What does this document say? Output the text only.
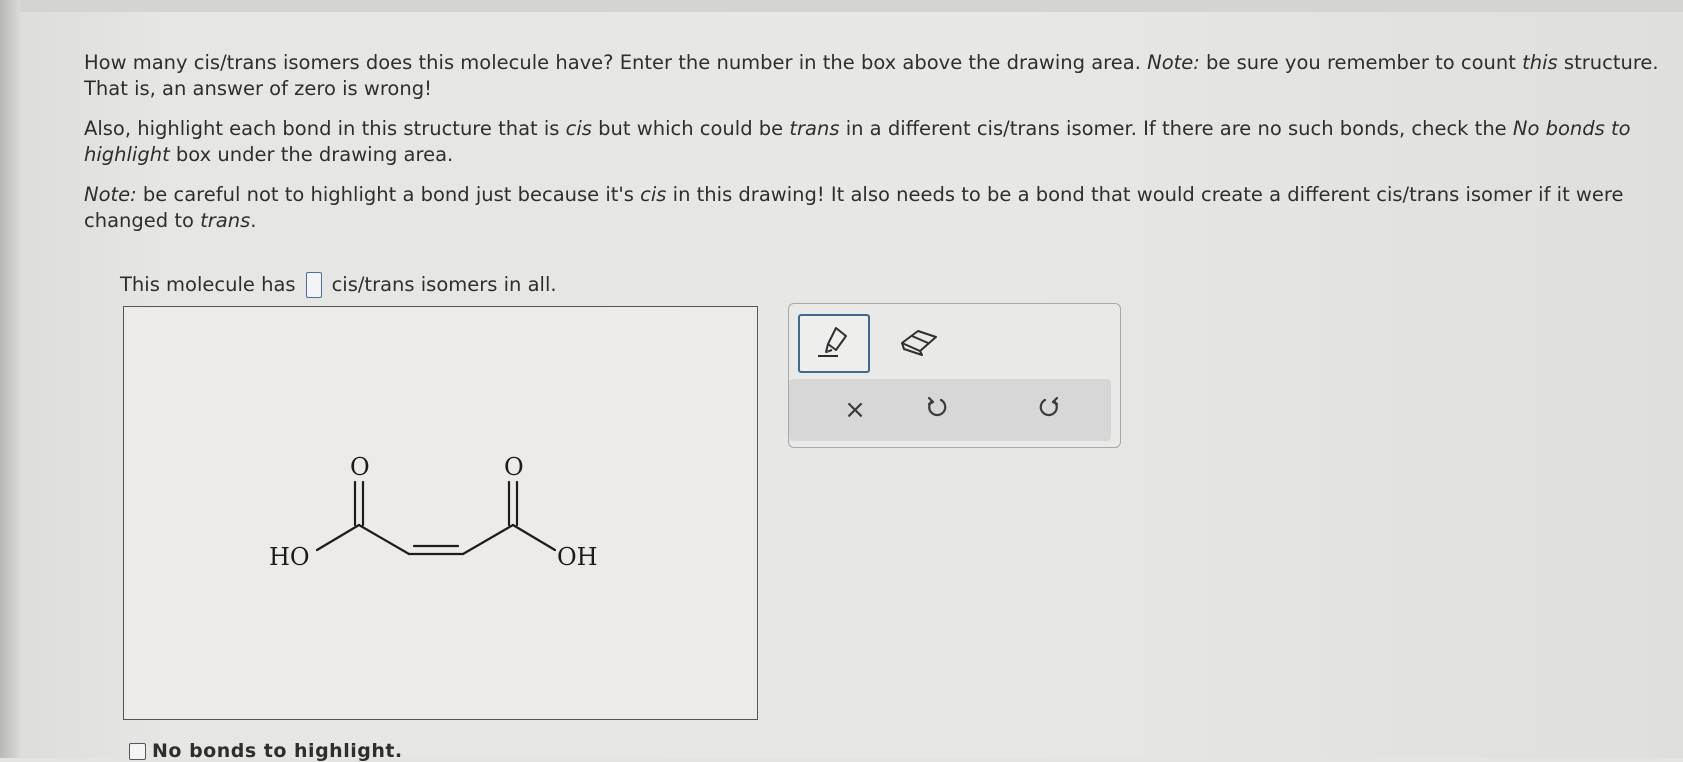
How many cis/trans isomers does this molecule have? Enter the number in the box above the drawing area. Note: be sure you remember to count this structure. That is, an answer of zero is wrong!
Also, highlight each bond in this structure that is cis but which could be trans in a different cis/trans isomer. If there are no such bonds, check the No bonds to highlight box under the drawing area.
Note: be careful not to highlight a bond just because it's cis in this drawing! It also needs to be a bond that would create a different cis/trans isomer if it were changed to trans.
This molecule has cis/trans isomers in all.
HO	OH
O	O
×
No bonds to highlight.
